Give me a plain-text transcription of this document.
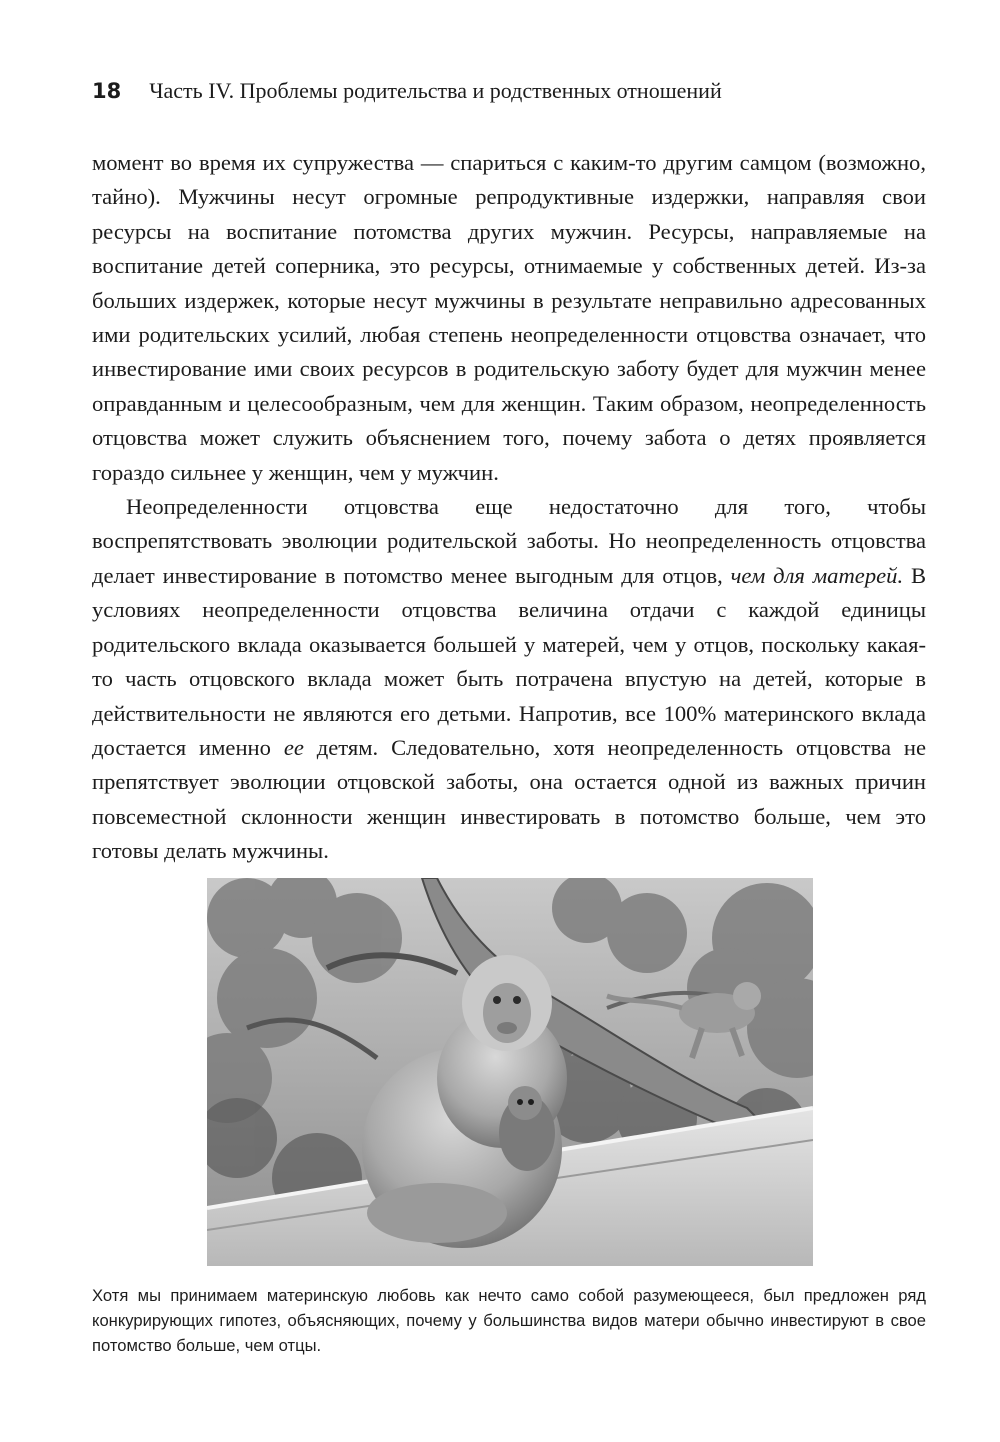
18 Часть IV. Проблемы родительства и родственных отношений

момент во время их супружества — спариться с каким-то другим самцом (возможно, тайно). Мужчины несут огромные репродуктивные издержки, направляя свои ресурсы на воспитание потомства других мужчин. Ресурсы, направляемые на воспитание детей соперника, это ресурсы, отнимаемые у собственных детей. Из-за больших издержек, которые несут мужчины в результате неправильно адресованных ими родительских усилий, любая степень неопределенности отцовства означает, что инвестирование ими своих ресурсов в родительскую заботу будет для мужчин менее оправданным и целесообразным, чем для женщин. Таким образом, неопределенность отцовства может служить объяснением того, почему забота о детях проявляется гораздо сильнее у женщин, чем у мужчин.

Неопределенности отцовства еще недостаточно для того, чтобы воспрепятствовать эволюции родительской заботы. Но неопределенность отцовства делает инвестирование в потомство менее выгодным для отцов, чем для матерей. В условиях неопределенности отцовства величина отдачи с каждой единицы родительского вклада оказывается большей у матерей, чем у отцов, поскольку какая-то часть отцовского вклада может быть потрачена впустую на детей, которые в действительности не являются его детьми. Напротив, все 100% материнского вклада достается именно ее детям. Следовательно, хотя неопределенность отцовства не препятствует эволюции отцовской заботы, она остается одной из важных причин повсеместной склонности женщин инвестировать в потомство больше, чем это готовы делать мужчины.

Хотя мы принимаем материнскую любовь как нечто само собой разумеющееся, был предложен ряд конкурирующих гипотез, объясняющих, почему у большинства видов матери обычно инвестируют в свое потомство больше, чем отцы.
